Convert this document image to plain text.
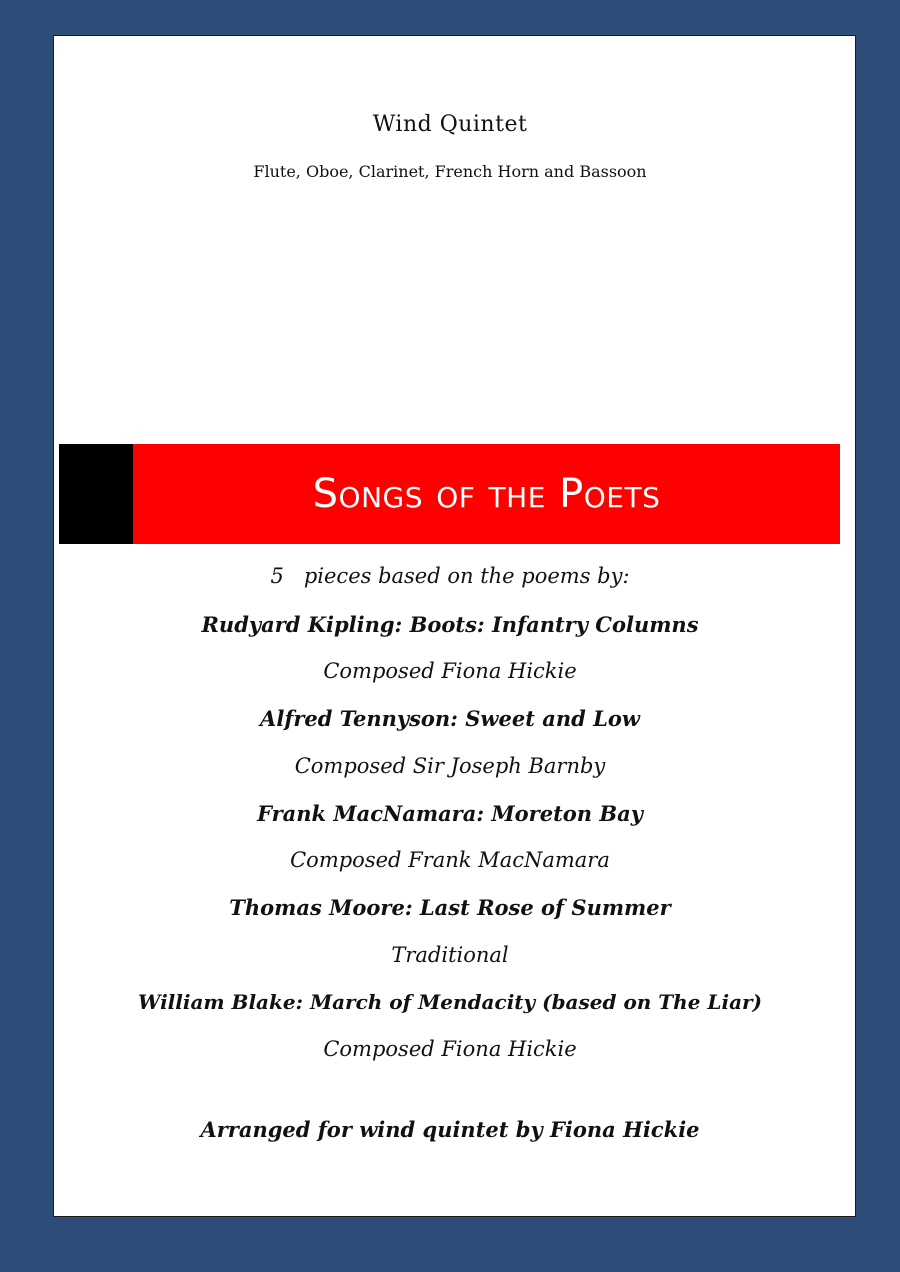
Wind Quintet
Flute, Oboe, Clarinet, French Horn and Bassoon
Songs of the Poets
5   pieces based on the poems by:
Rudyard Kipling: Boots: Infantry Columns
Composed Fiona Hickie
Alfred Tennyson: Sweet and Low
Composed Sir Joseph Barnby
Frank MacNamara: Moreton Bay
Composed Frank MacNamara
Thomas Moore: Last Rose of Summer
Traditional
William Blake: March of Mendacity (based on The Liar)
Composed Fiona Hickie
Arranged for wind quintet by Fiona Hickie
